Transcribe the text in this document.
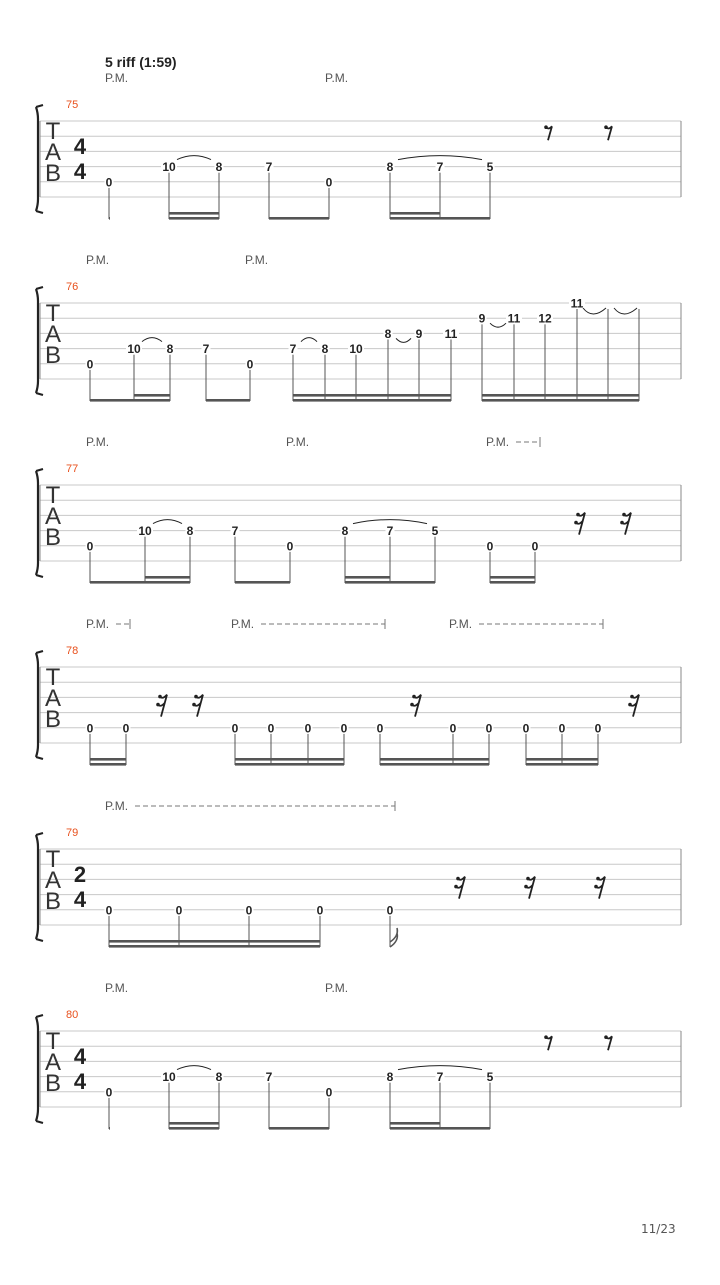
5 riff (1:59)
T
A
B
75
4
4
P.M.	P.M.
0
10	8	7
0
8	7	5
T
A
B
76
P.M.	P.M.
0
10 8 7
0
7 8 10
8 9 11
9 11 12
11
T
A
B
77
P.M.	P.M.	P.M.
0
10	8	7
0
8	7	5
0	0
T
A
B
78
P.M.	P.M.	P.M.
0 0	0 0	0 0 0	0 0	0 0 0
T
A
B
79
2
4
P.M.
0	0	0	0	0
T
A
B
80
4
4
P.M.	P.M.
0
10	8	7
0
8	7	5
11/23
